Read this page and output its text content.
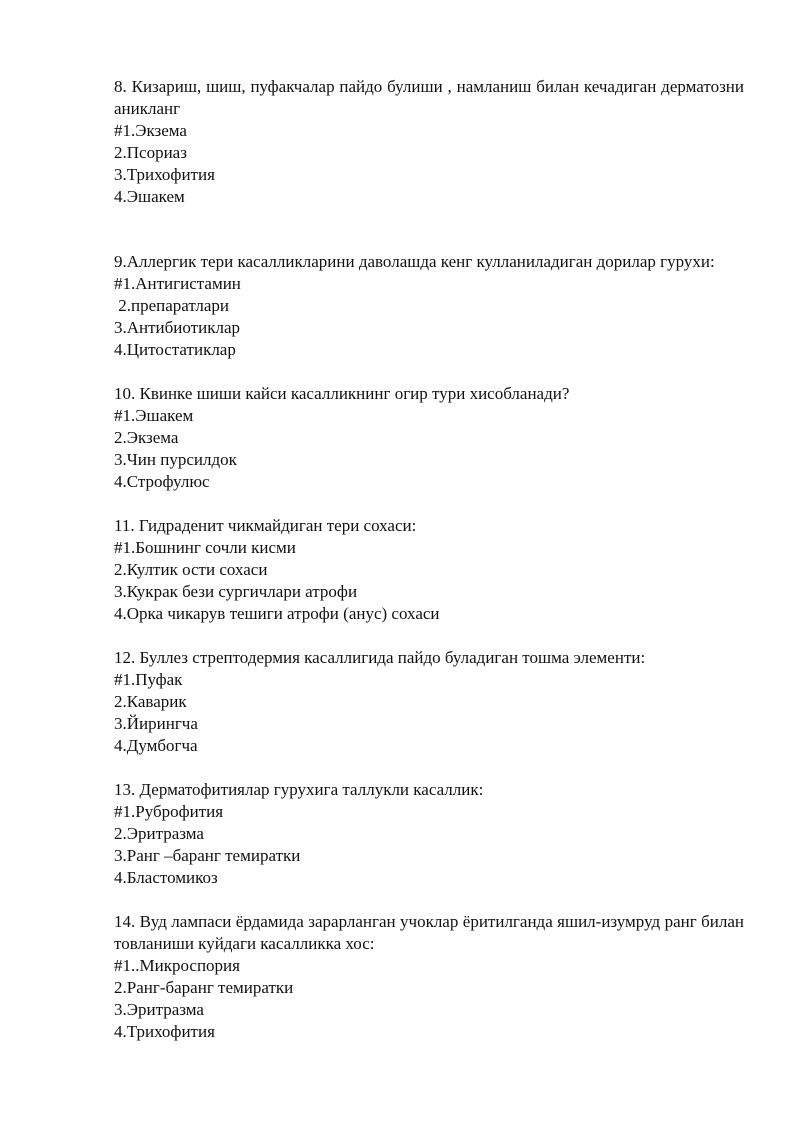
8. Кизариш, шиш, пуфакчалар пайдо булиши , намланиш билан кечадиган дерматозни аникланг

#1.Экзема
2.Псориаз
3.Трихофития
4.Эшакем

9.Аллергик тери касалликларини даволашда кенг кулланиладиган дорилар гурухи:

#1.Антигистамин
2.препаратлари
3.Антибиотиклар
4.Цитостатиклар

10. Квинке шиши кайси касалликнинг огир тури хисобланади?

#1.Эшакем
2.Экзема
3.Чин пурсилдок
4.Строфулюс

11. Гидраденит чикмайдиган тери сохаси:

#1.Бошнинг сочли кисми
2.Култик ости сохаси
3.Кукрак бези сургичлари атрофи
4.Орка чикарув тешиги атрофи (анус) сохаси

12. Буллез стрептодермия касаллигида пайдо буладиган тошма элементи:

#1.Пуфак
2.Каварик
3.Йирингча
4.Думбогча

13. Дерматофитиялар гурухига таллукли касаллик:

#1.Руброфития
2.Эритразма
3.Ранг –баранг темиратки
4.Бластомикоз

14. Вуд лампаси ёрдамида зарарланган учоклар ёритилганда яшил-изумруд ранг билан товланиши куйдаги касалликка хос:

#1..Микроспория
2.Ранг-баранг темиратки
3.Эритразма
4.Трихофития
